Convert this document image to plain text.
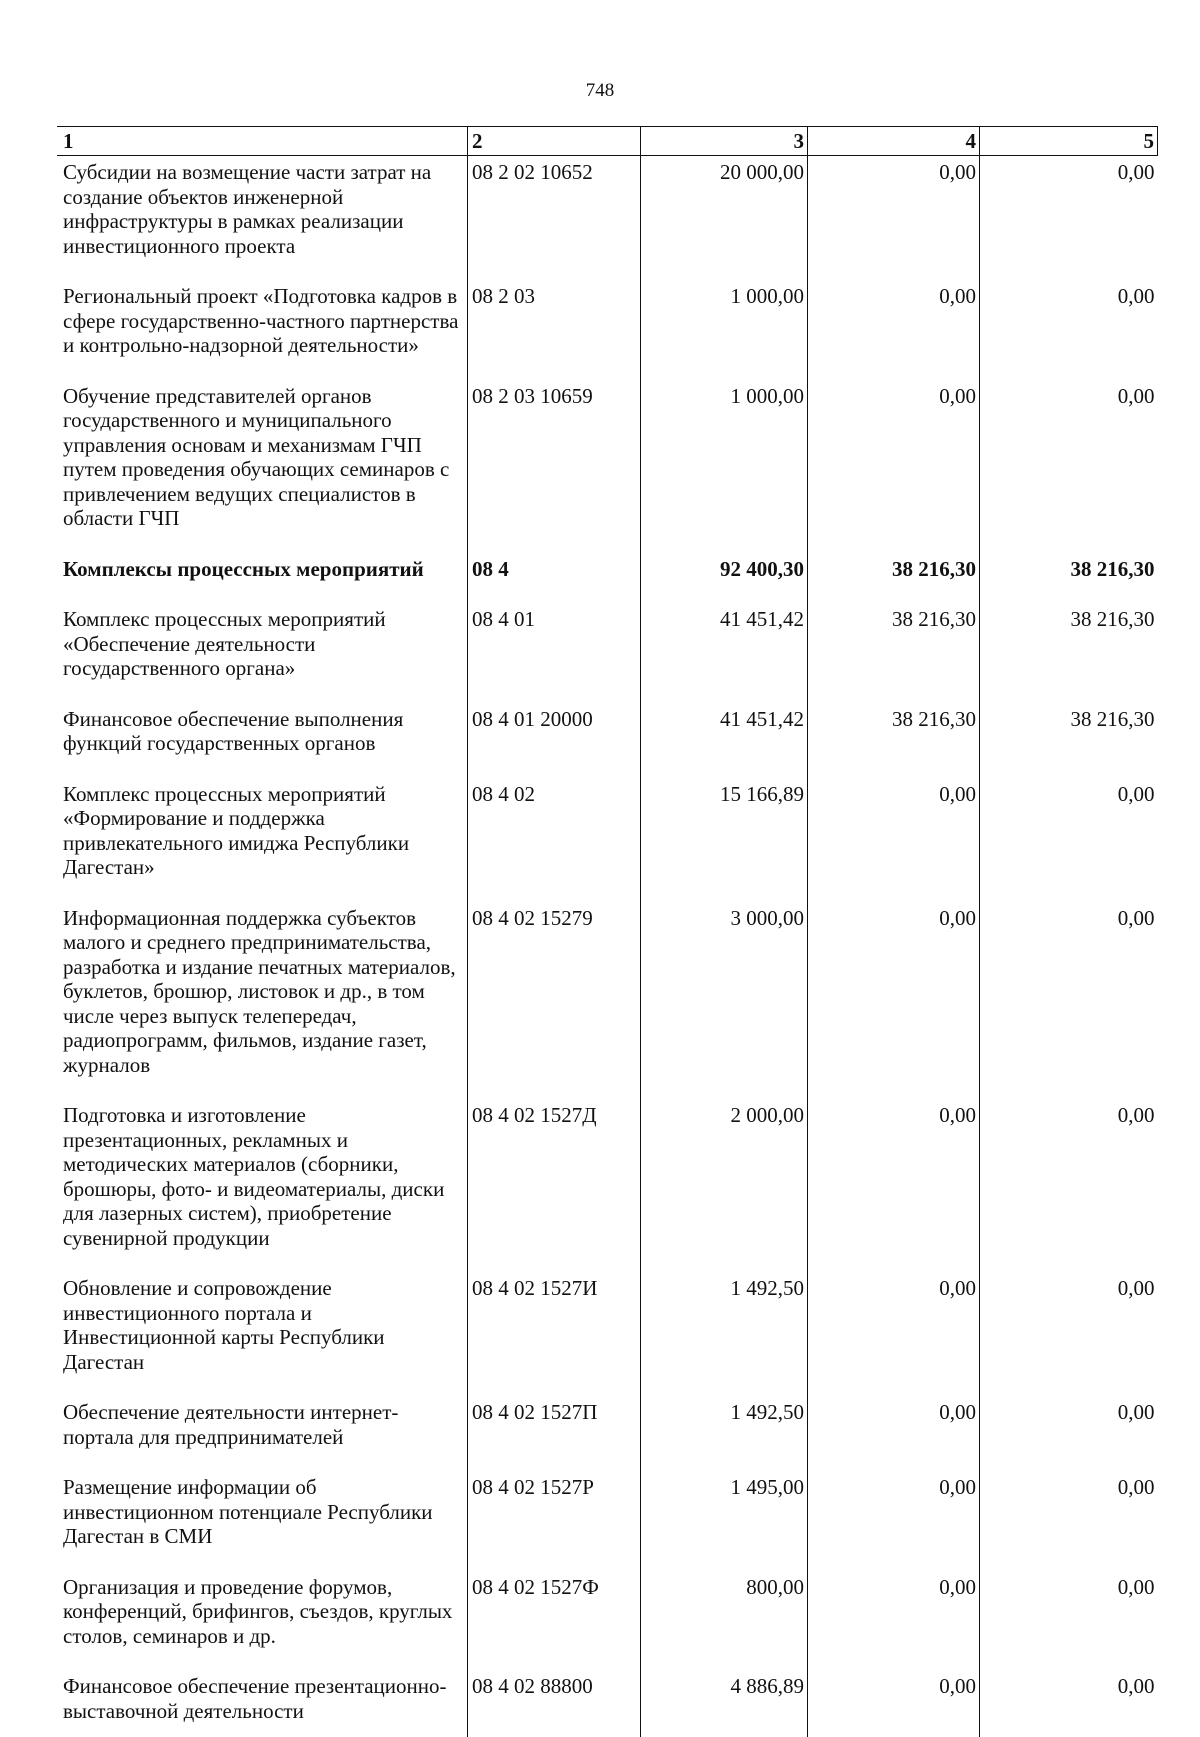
748
1	2	3	4	5
Субсидии на возмещение части затрат на создание объектов инженерной инфраструктуры в рамках реализации инвестиционного проекта	08 2 02 10652	20 000,00	0,00	0,00
Региональный проект «Подготовка кадров в сфере государственно-частного партнерства и контрольно-надзорной деятельности»	08 2 03	1 000,00	0,00	0,00
Обучение представителей органов государственного и муниципального управления основам и механизмам ГЧП путем проведения обучающих семинаров с привлечением ведущих специалистов в области ГЧП	08 2 03 10659	1 000,00	0,00	0,00
Комплексы процессных мероприятий	08 4	92 400,30	38 216,30	38 216,30
Комплекс процессных мероприятий «Обеспечение деятельности государственного органа»	08 4 01	41 451,42	38 216,30	38 216,30
Финансовое обеспечение выполнения функций государственных органов	08 4 01 20000	41 451,42	38 216,30	38 216,30
Комплекс процессных мероприятий «Формирование и поддержка привлекательного имиджа Республики Дагестан»	08 4 02	15 166,89	0,00	0,00
Информационная поддержка субъектов малого и среднего предпринимательства, разработка и издание печатных материалов, буклетов, брошюр, листовок и др., в том числе через выпуск телепередач, радиопрограмм, фильмов, издание газет, журналов	08 4 02 15279	3 000,00	0,00	0,00
Подготовка и изготовление презентационных, рекламных и методических материалов (сборники, брошюры, фото- и видеоматериалы, диски для лазерных систем), приобретение сувенирной продукции	08 4 02 1527Д	2 000,00	0,00	0,00
Обновление и сопровождение инвестиционного портала и Инвестиционной карты Республики Дагестан	08 4 02 1527И	1 492,50	0,00	0,00
Обеспечение деятельности интернет-портала для предпринимателей	08 4 02 1527П	1 492,50	0,00	0,00
Размещение информации об инвестиционном потенциале Республики Дагестан в СМИ	08 4 02 1527Р	1 495,00	0,00	0,00
Организация и проведение форумов, конференций, брифингов, съездов, круглых столов, семинаров и др.	08 4 02 1527Ф	800,00	0,00	0,00
Финансовое обеспечение презентационно-выставочной деятельности	08 4 02 88800	4 886,89	0,00	0,00
